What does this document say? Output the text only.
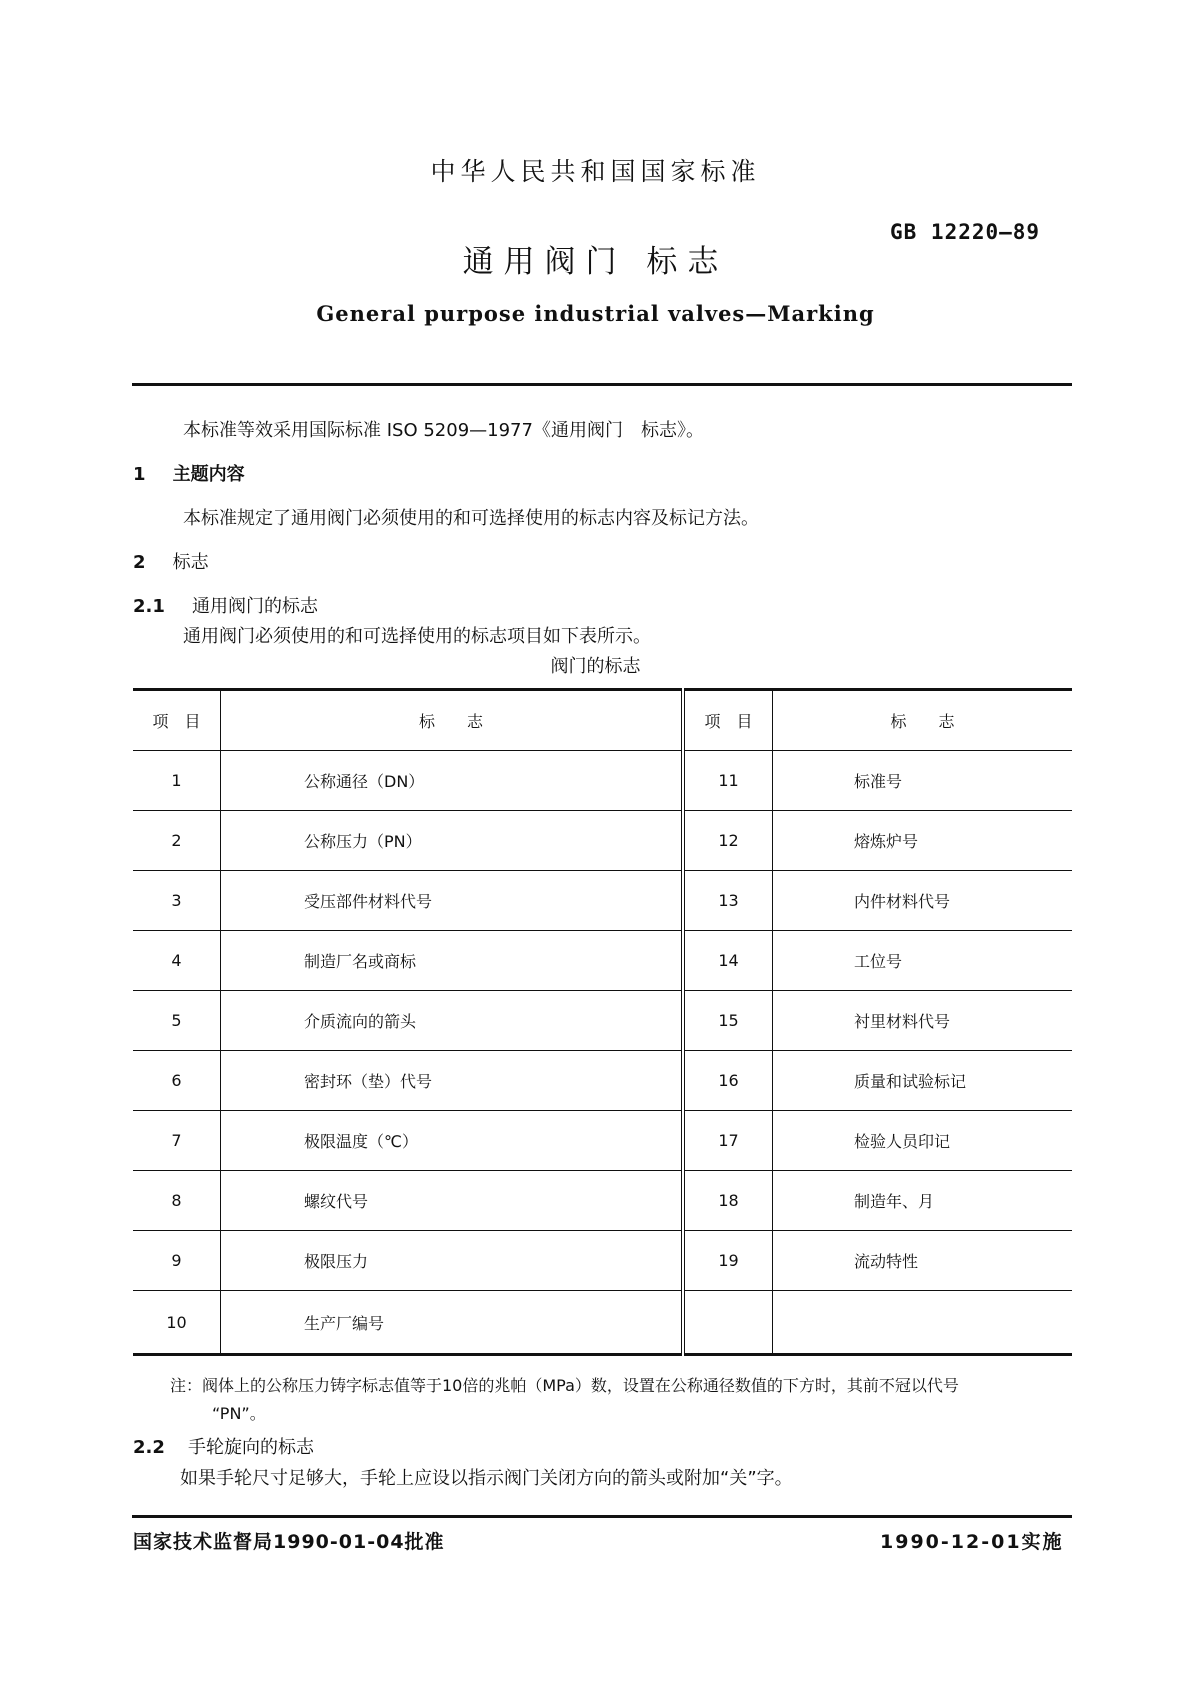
中华人民共和国国家标准
GB 12220—89
通用阀门 标志
General purpose industrial valves—Marking
本标准等效采用国际标准 ISO 5209—1977《通用阀门　标志》。
1 主题内容
本标准规定了通用阀门必须使用的和可选择使用的标志内容及标记方法。
2 标志
2.1 通用阀门的标志
通用阀门必须使用的和可选择使用的标志项目如下表所示。
阀门的标志
项　目	标　　志	项　目	标　　志
1	公称通径（DN）	11	标准号
2	公称压力（PN）	12	熔炼炉号
3	受压部件材料代号	13	内件材料代号
4	制造厂名或商标	14	工位号
5	介质流向的箭头	15	衬里材料代号
6	密封环（垫）代号	16	质量和试验标记
7	极限温度（℃）	17	检验人员印记
8	螺纹代号	18	制造年、月
9	极限压力	19	流动特性
10	生产厂编号		
注：阀体上的公称压力铸字标志值等于10倍的兆帕（MPa）数，设置在公称通径数值的下方时，其前不冠以代号
“PN”。
2.2 手轮旋向的标志
如果手轮尺寸足够大，手轮上应设以指示阀门关闭方向的箭头或附加“关”字。
国家技术监督局1990-01-04批准	1990-12-01实施
